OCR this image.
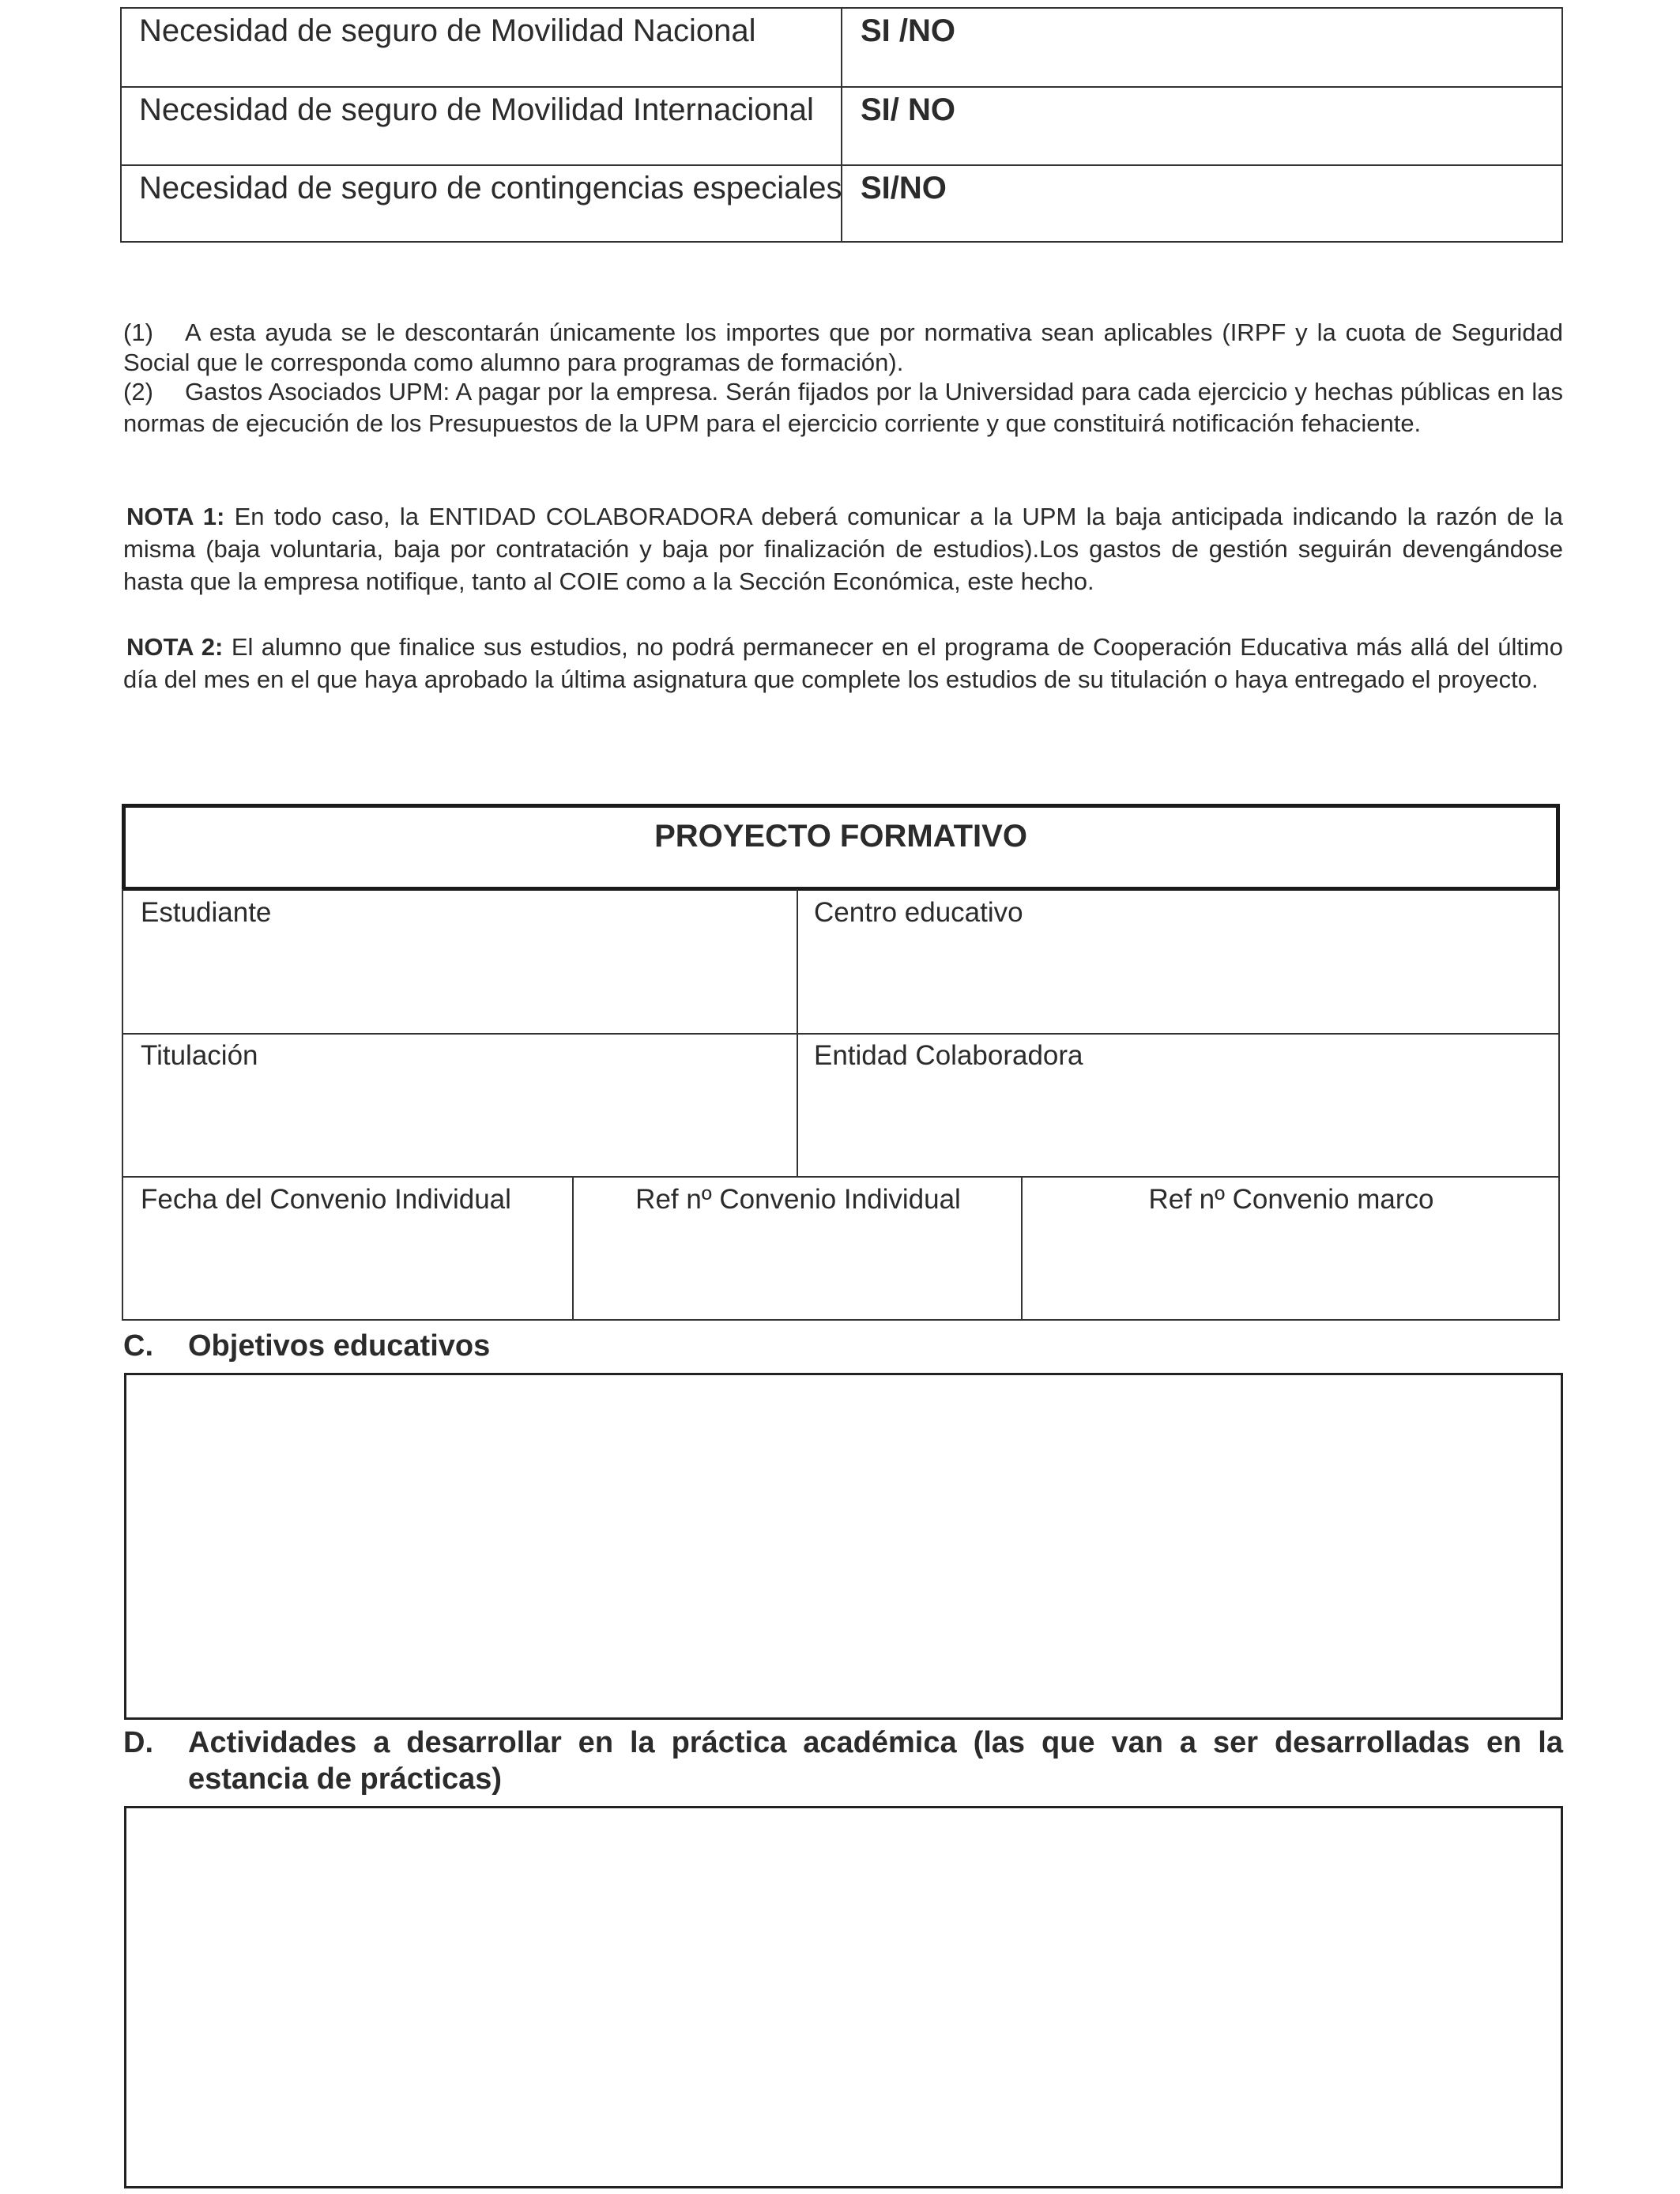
Necesidad de seguro de Movilidad Nacional	SI /NO
Necesidad de seguro de Movilidad Internacional SI/ NO
Necesidad de seguro de contingencias especiales SI/NO
(1) A esta ayuda se le descontarán únicamente los importes que por normativa sean aplicables (IRPF y la cuota de Seguridad Social que le corresponda como alumno para programas de formación).
(2) Gastos Asociados UPM: A pagar por la empresa. Serán fijados por la Universidad para cada ejercicio y hechas públicas en las normas de ejecución de los Presupuestos de la UPM para el ejercicio corriente y que constituirá notificación fehaciente.
NOTA 1: En todo caso, la ENTIDAD COLABORADORA deberá comunicar a la UPM la baja anticipada indicando la razón de la misma (baja voluntaria, baja por contratación y baja por finalización de estudios).Los gastos de gestión seguirán devengándose hasta que la empresa notifique, tanto al COIE como a la Sección Económica, este hecho.
NOTA 2: El alumno que finalice sus estudios, no podrá permanecer en el programa de Cooperación Educativa más allá del último día del mes en el que haya aprobado la última asignatura que complete los estudios de su titulación o haya entregado el proyecto.
PROYECTO FORMATIVO
Estudiante	Centro educativo
Titulación	Entidad Colaboradora
Fecha del Convenio Individual	Ref nº Convenio Individual	Ref nº Convenio marco
C. Objetivos educativos
D.	Actividades a desarrollar en la práctica académica (las que van a ser desarrolladas en la
estancia de prácticas)
